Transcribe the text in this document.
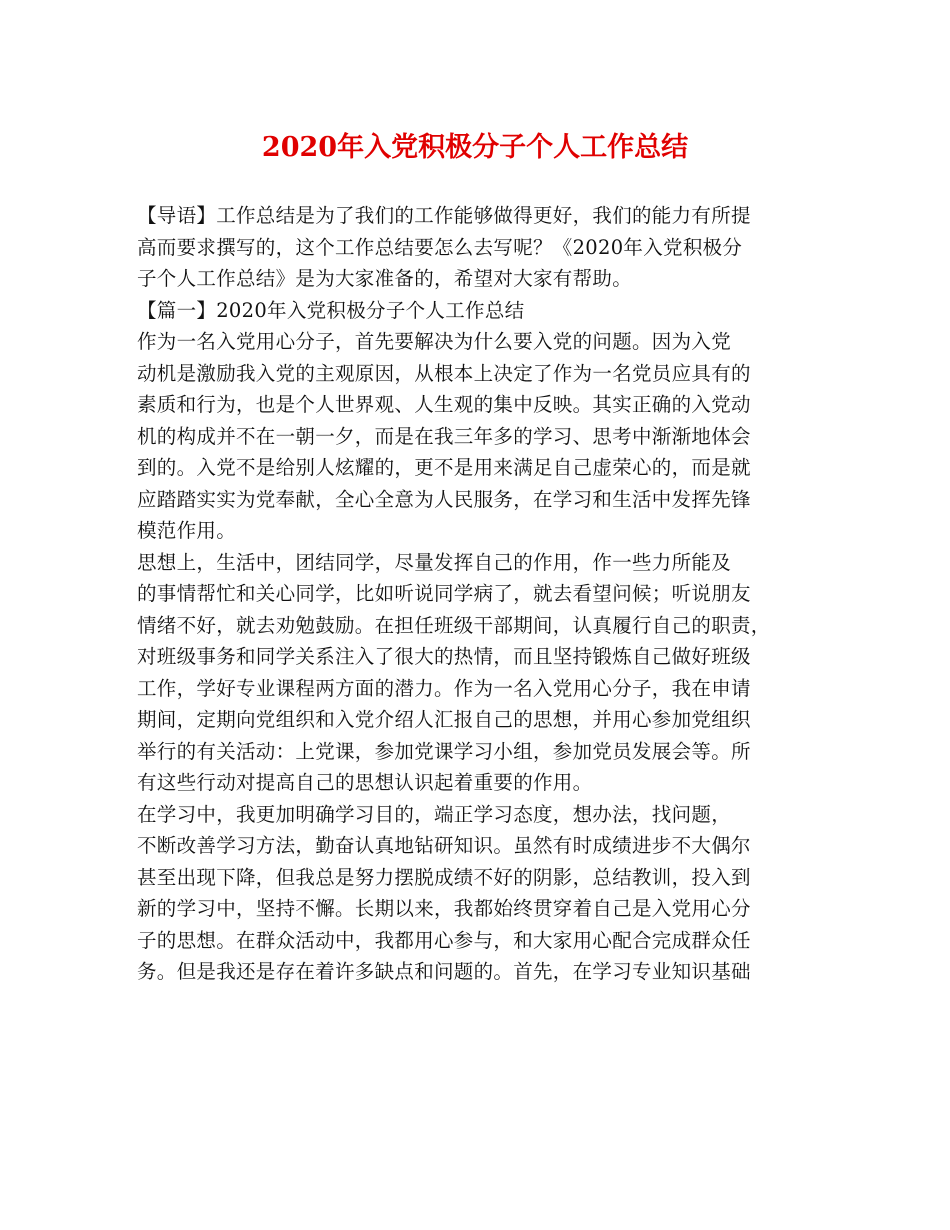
2020年入党积极分子个人工作总结
【导语】工作总结是为了我们的工作能够做得更好，我们的能力有所提
高而要求撰写的，这个工作总结要怎么去写呢？《2020年入党积极分
子个人工作总结》是为大家准备的，希望对大家有帮助。
【篇一】2020年入党积极分子个人工作总结
作为一名入党用心分子，首先要解决为什么要入党的问题。因为入党
动机是激励我入党的主观原因，从根本上决定了作为一名党员应具有的
素质和行为，也是个人世界观、人生观的集中反映。其实正确的入党动
机的构成并不在一朝一夕，而是在我三年多的学习、思考中渐渐地体会
到的。入党不是给别人炫耀的，更不是用来满足自己虚荣心的，而是就
应踏踏实实为党奉献，全心全意为人民服务，在学习和生活中发挥先锋
模范作用。
思想上，生活中，团结同学，尽量发挥自己的作用，作一些力所能及
的事情帮忙和关心同学，比如听说同学病了，就去看望问候；听说朋友
情绪不好，就去劝勉鼓励。在担任班级干部期间，认真履行自己的职责，
对班级事务和同学关系注入了很大的热情，而且坚持锻炼自己做好班级
工作，学好专业课程两方面的潜力。作为一名入党用心分子，我在申请
期间，定期向党组织和入党介绍人汇报自己的思想，并用心参加党组织
举行的有关活动：上党课，参加党课学习小组，参加党员发展会等。所
有这些行动对提高自己的思想认识起着重要的作用。
在学习中，我更加明确学习目的，端正学习态度，想办法，找问题，
不断改善学习方法，勤奋认真地钻研知识。虽然有时成绩进步不大偶尔
甚至出现下降，但我总是努力摆脱成绩不好的阴影，总结教训，投入到
新的学习中，坚持不懈。长期以来，我都始终贯穿着自己是入党用心分
子的思想。在群众活动中，我都用心参与，和大家用心配合完成群众任
务。但是我还是存在着许多缺点和问题的。首先，在学习专业知识基础
